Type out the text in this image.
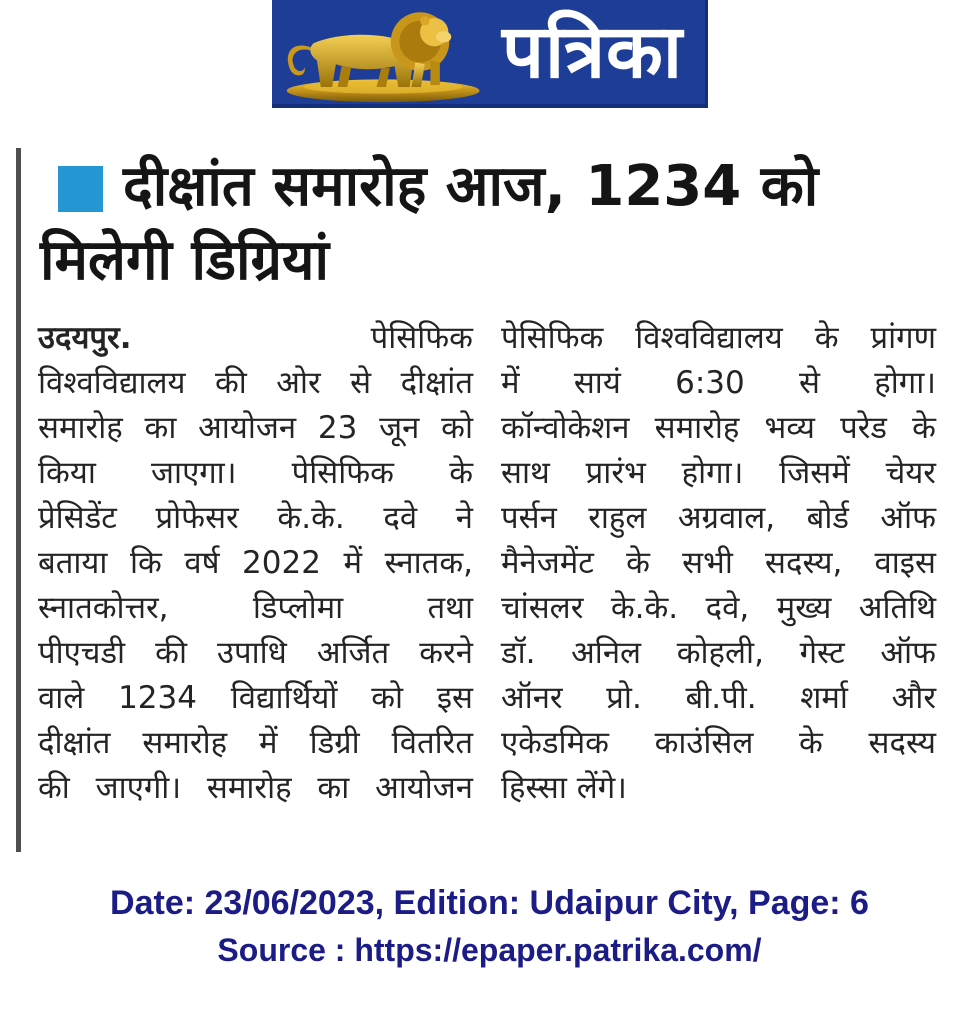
पत्रिका
दीक्षांत समारोह आज, 1234 को
मिलेगी डिग्रियां
उदयपुर.	पेसिफिक
विश्वविद्यालय की ओर से दीक्षांत
समारोह का आयोजन 23 जून को
किया जाएगा। पेसिफिक के
प्रेसिडेंट प्रोफेसर के.के. दवे ने
बताया कि वर्ष 2022 में स्नातक,
स्नातकोत्तर, डिप्लोमा तथा
पीएचडी की उपाधि अर्जित करने
वाले 1234 विद्यार्थियों को इस
दीक्षांत समारोह में डिग्री वितरित
की जाएगी। समारोह का आयोजन
पेसिफिक विश्वविद्यालय के प्रांगण
में सायं 6:30 से होगा।
कॉन्वोकेशन समारोह भव्य परेड के
साथ प्रारंभ होगा। जिसमें चेयर
पर्सन राहुल अग्रवाल, बोर्ड ऑफ
मैनेजमेंट के सभी सदस्य, वाइस
चांसलर के.के. दवे, मुख्य अतिथि
डॉ. अनिल कोहली, गेस्ट ऑफ
ऑनर प्रो. बी.पी. शर्मा और
एकेडमिक काउंसिल के सदस्य
हिस्सा लेंगे।
Date: 23/06/2023, Edition: Udaipur City, Page: 6
Source : https://epaper.patrika.com/
